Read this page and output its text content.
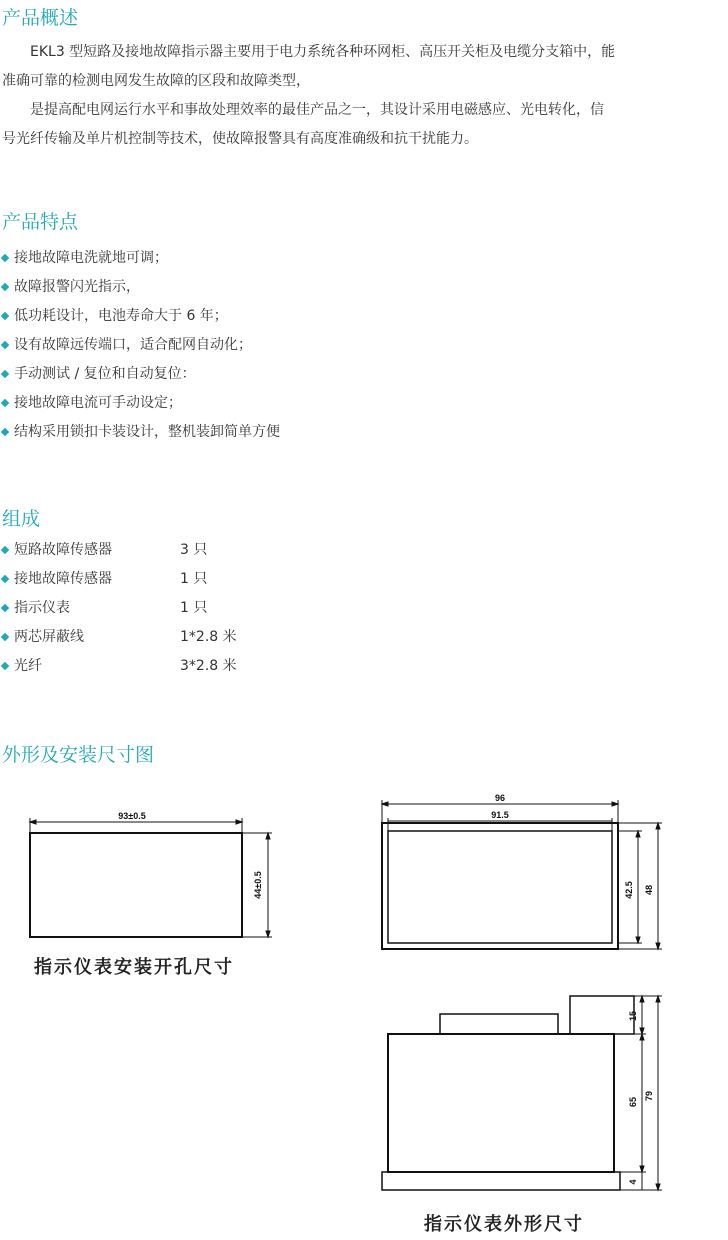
产品概述
　　EKL3 型短路及接地故障指示器主要用于电力系统各种环网柜、高压开关柜及电缆分支箱中，能
准确可靠的检测电网发生故障的区段和故障类型，
　　是提高配电网运行水平和事故处理效率的最佳产品之一，其设计采用电磁感应、光电转化，信
号光纤传输及单片机控制等技术，使故障报警具有高度准确级和抗干扰能力。
产品特点
接地故障电洗就地可调；
故障报警闪光指示，
低功耗设计，电池寿命大于 6 年；
设有故障远传端口，适合配网自动化；
手动测试 / 复位和自动复位：
接地故障电流可手动设定；
结构采用锁扣卡装设计，整机装卸简单方便
组成
短路故障传感器	3 只
接地故障传感器	1 只
指示仪表	1 只
两芯屏蔽线	1*2.8 米
光纤	3*2.8 米
外形及安装尺寸图
93±0.5
44±0.5
指示仪表安装开孔尺寸
96
91.5
42.5 48
15
65
79
4
指示仪表外形尺寸
